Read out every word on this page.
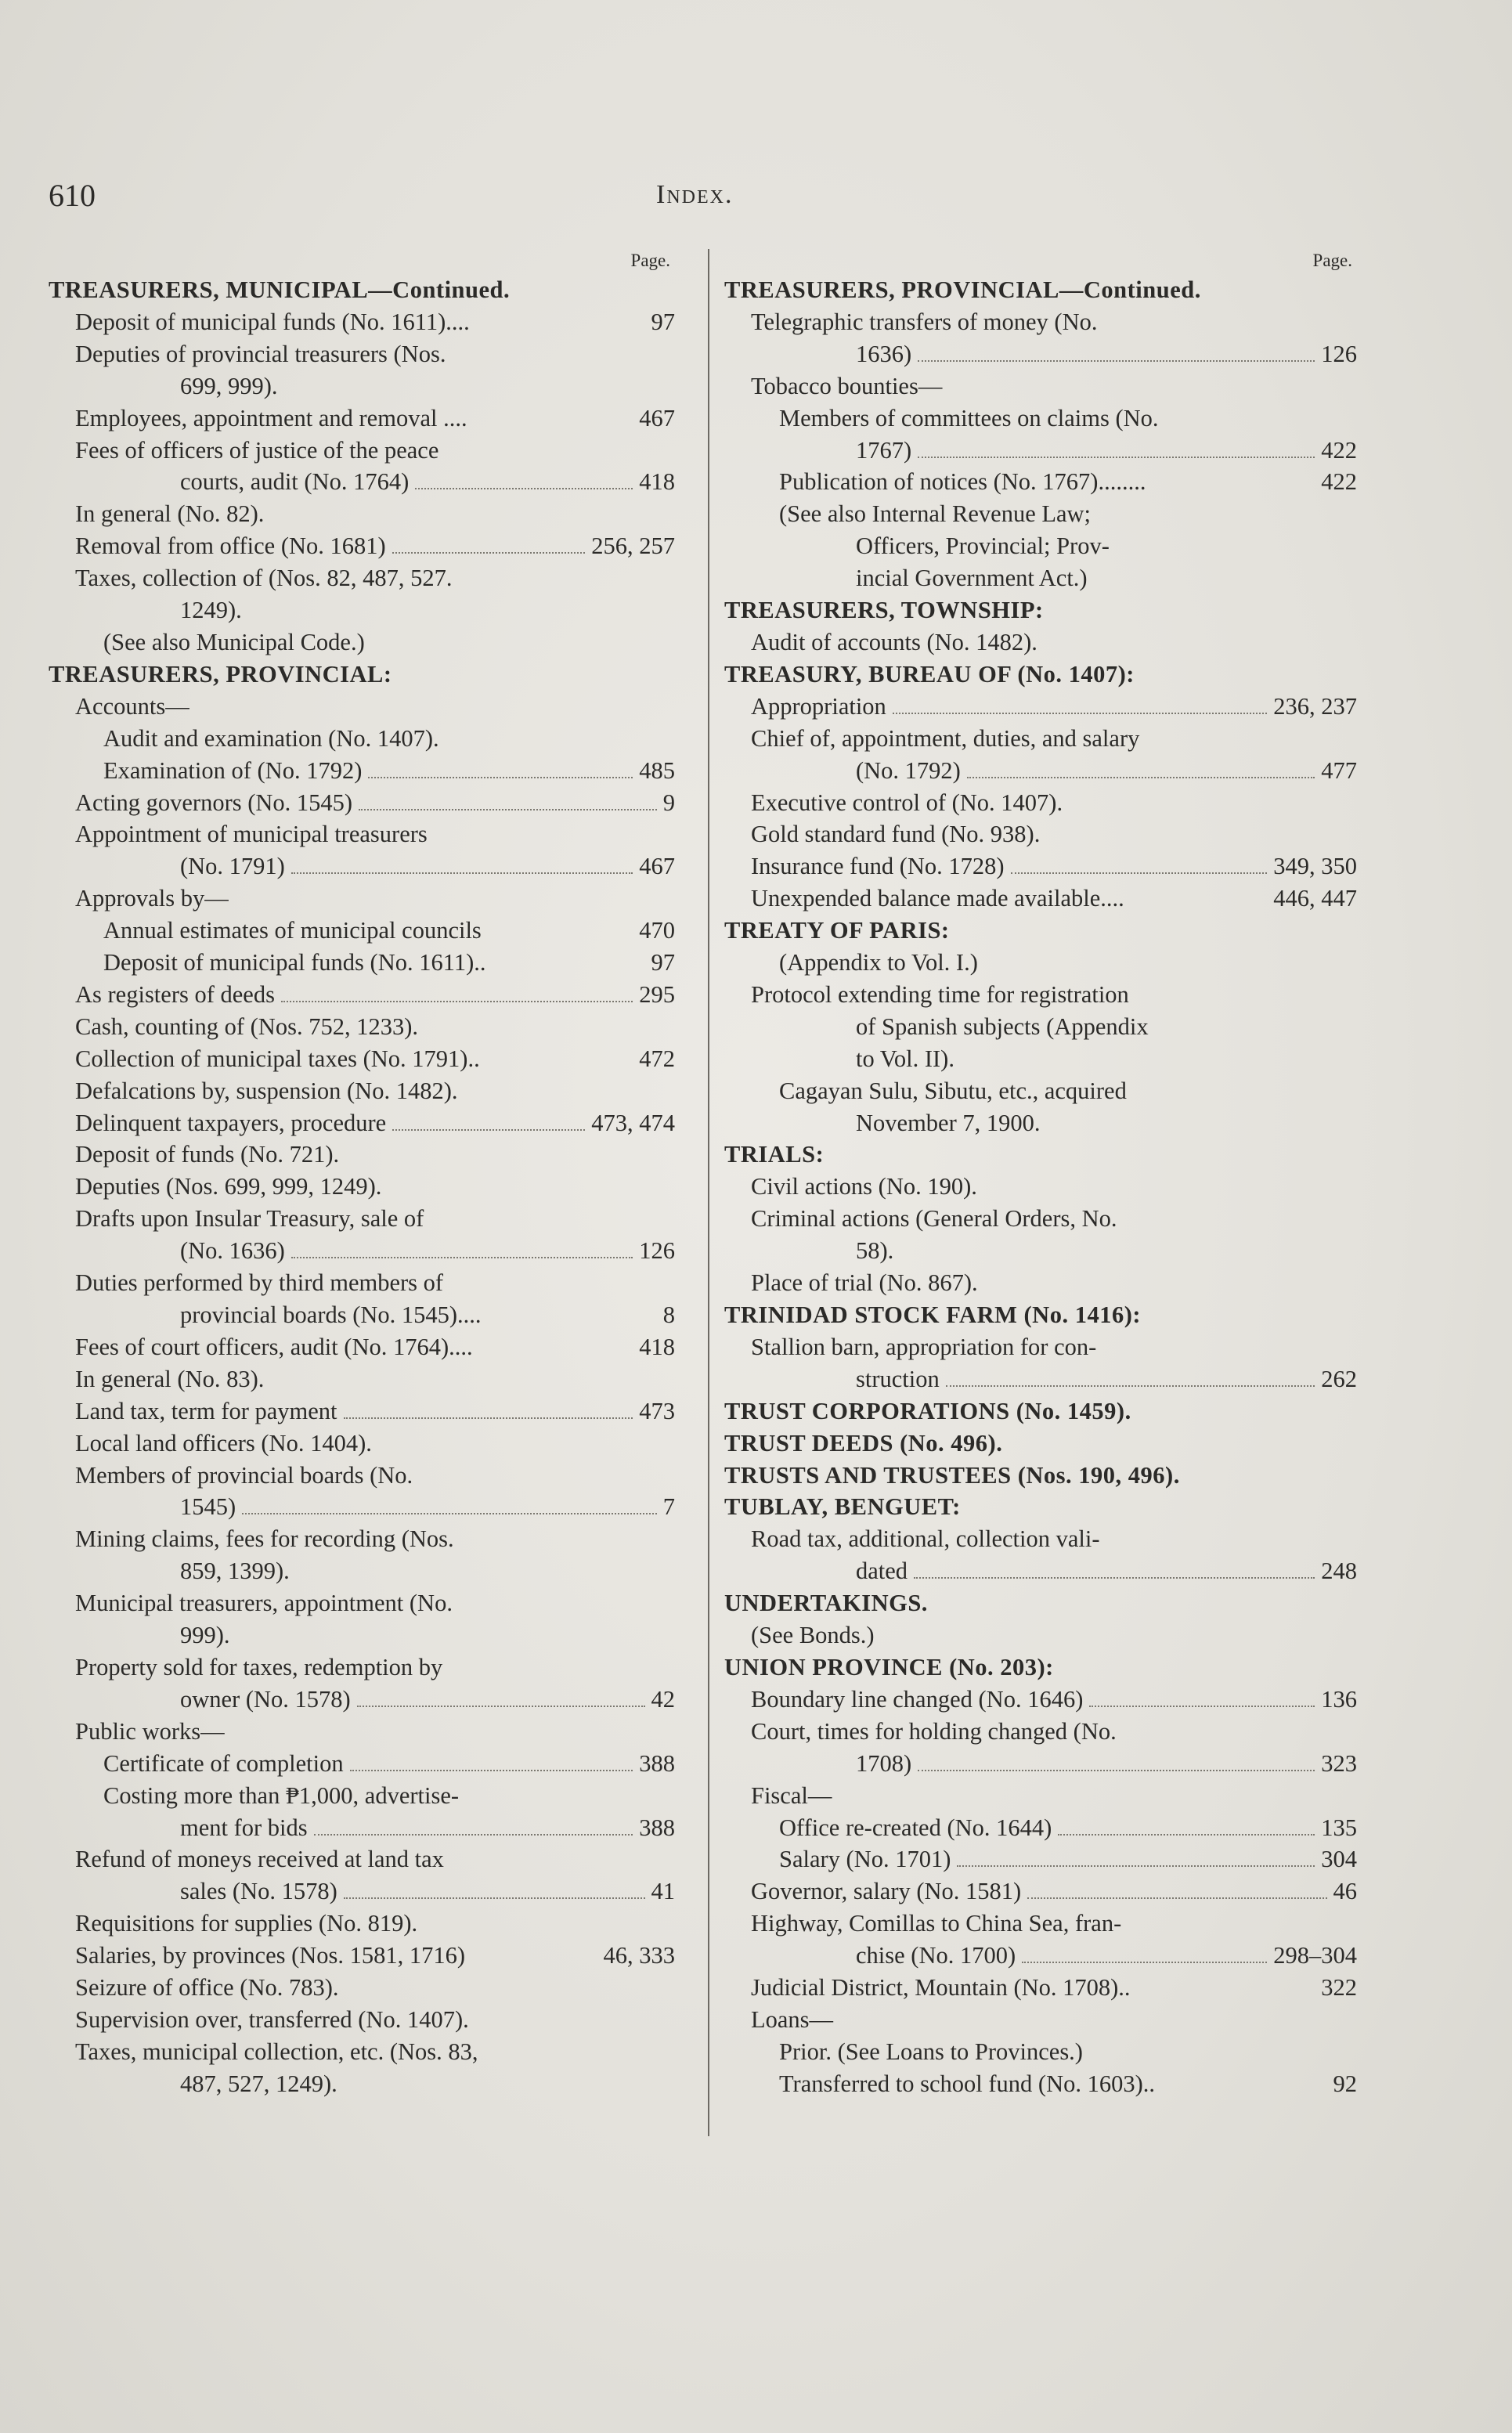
610	Index.
Page.
TREASURERS, MUNICIPAL—Continued.
Deposit of municipal funds (No. 1611)....	97
Deputies of provincial treasurers (Nos.
699, 999).
Employees, appointment and removal ....	467
Fees of officers of justice of the peace
courts, audit (No. 1764)	418
In general (No. 82).
Removal from office (No. 1681)	256, 257
Taxes, collection of (Nos. 82, 487, 527.
1249).
(See also Municipal Code.)
TREASURERS, PROVINCIAL:
Accounts—
Audit and examination (No. 1407).
Examination of (No. 1792)	485
Acting governors (No. 1545)	9
Appointment of municipal treasurers
(No. 1791)	467
Approvals by—
Annual estimates of municipal councils	470
Deposit of municipal funds (No. 1611)..	97
As registers of deeds	295
Cash, counting of (Nos. 752, 1233).
Collection of municipal taxes (No. 1791)..	472
Defalcations by, suspension (No. 1482).
Delinquent taxpayers, procedure	473, 474
Deposit of funds (No. 721).
Deputies (Nos. 699, 999, 1249).
Drafts upon Insular Treasury, sale of
(No. 1636)	126
Duties performed by third members of
provincial boards (No. 1545)....	8
Fees of court officers, audit (No. 1764)....	418
In general (No. 83).
Land tax, term for payment	473
Local land officers (No. 1404).
Members of provincial boards (No.
1545)	7
Mining claims, fees for recording (Nos.
859, 1399).
Municipal treasurers, appointment (No.
999).
Property sold for taxes, redemption by
owner (No. 1578)	42
Public works—
Certificate of completion	388
Costing more than ₱1,000, advertise-
ment for bids	388
Refund of moneys received at land tax
sales (No. 1578)	41
Requisitions for supplies (No. 819).
Salaries, by provinces (Nos. 1581, 1716)	46, 333
Seizure of office (No. 783).
Supervision over, transferred (No. 1407).
Taxes, municipal collection, etc. (Nos. 83,
487, 527, 1249).
Page.
TREASURERS, PROVINCIAL—Continued.
Telegraphic transfers of money (No.
1636)	126
Tobacco bounties—
Members of committees on claims (No.
1767)	422
Publication of notices (No. 1767)........	422
(See also Internal Revenue Law;
Officers, Provincial; Prov-
incial Government Act.)
TREASURERS, TOWNSHIP:
Audit of accounts (No. 1482).
TREASURY, BUREAU OF (No. 1407):
Appropriation	236, 237
Chief of, appointment, duties, and salary
(No. 1792)	477
Executive control of (No. 1407).
Gold standard fund (No. 938).
Insurance fund (No. 1728)	349, 350
Unexpended balance made available....	446, 447
TREATY OF PARIS:
(Appendix to Vol. I.)
Protocol extending time for registration
of Spanish subjects (Appendix
to Vol. II).
Cagayan Sulu, Sibutu, etc., acquired
November 7, 1900.
TRIALS:
Civil actions (No. 190).
Criminal actions (General Orders, No.
58).
Place of trial (No. 867).
TRINIDAD STOCK FARM (No. 1416):
Stallion barn, appropriation for con-
struction	262
TRUST CORPORATIONS (No. 1459).
TRUST DEEDS (No. 496).
TRUSTS AND TRUSTEES (Nos. 190, 496).
TUBLAY, BENGUET:
Road tax, additional, collection vali-
dated	248
UNDERTAKINGS.
(See Bonds.)
UNION PROVINCE (No. 203):
Boundary line changed (No. 1646)	136
Court, times for holding changed (No.
1708)	323
Fiscal—
Office re-created (No. 1644)	135
Salary (No. 1701)	304
Governor, salary (No. 1581)	46
Highway, Comillas to China Sea, fran-
chise (No. 1700)	298–304
Judicial District, Mountain (No. 1708)..	322
Loans—
Prior. (See Loans to Provinces.)
Transferred to school fund (No. 1603)..	92
